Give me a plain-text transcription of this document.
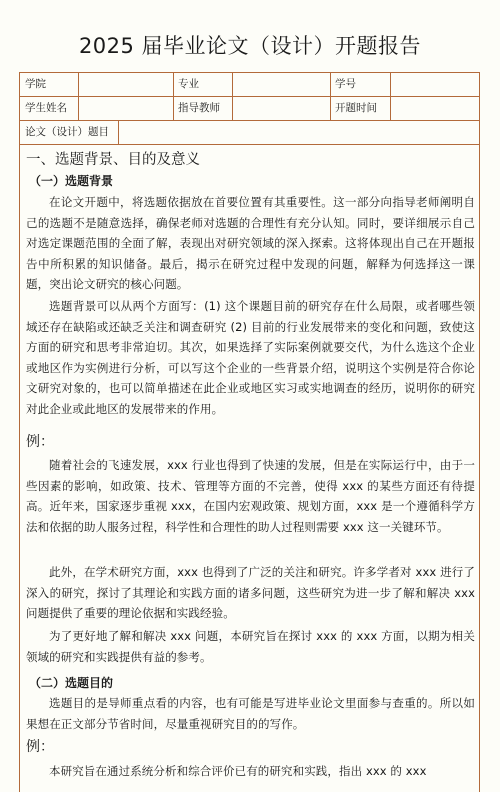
2025 届毕业论文（设计）开题报告
学院	专业	学号
学生姓名	指导教师	开题时间
论文（设计）题目
一、选题背景、目的及意义
（一）选题背景
在论文开题中，将选题依据放在首要位置有其重要性。这一部分向指导老师阐明自己的选题不是随意选择，确保老师对选题的合理性有充分认知。同时，要详细展示自己对选定课题范围的全面了解，表现出对研究领域的深入探索。这将体现出自己在开题报告中所积累的知识储备。最后，揭示在研究过程中发现的问题，解释为何选择这一课题，突出论文研究的核心问题。
选题背景可以从两个方面写：(1) 这个课题目前的研究存在什么局限，或者哪些领域还存在缺陷或还缺乏关注和调查研究 (2) 目前的行业发展带来的变化和问题，致使这方面的研究和思考非常迫切。其次，如果选择了实际案例就要交代，为什么选这个企业或地区作为实例进行分析，可以写这个企业的一些背景介绍，说明这个实例是符合你论文研究对象的，也可以简单描述在此企业或地区实习或实地调查的经历，说明你的研究对此企业或此地区的发展带来的作用。
例：
随着社会的飞速发展，xxx 行业也得到了快速的发展，但是在实际运行中，由于一些因素的影响，如政策、技术、管理等方面的不完善，使得 xxx 的某些方面还有待提高。近年来，国家逐步重视 xxx，在国内宏观政策、规划方面，xxx 是一个遵循科学方法和依据的助人服务过程，科学性和合理性的助人过程则需要 xxx 这一关键环节。
此外，在学术研究方面，xxx 也得到了广泛的关注和研究。许多学者对 xxx 进行了深入的研究，探讨了其理论和实践方面的诸多问题，这些研究为进一步了解和解决 xxx 问题提供了重要的理论依据和实践经验。
为了更好地了解和解决 xxx 问题，本研究旨在探讨 xxx 的 xxx 方面，以期为相关领域的研究和实践提供有益的参考。
（二）选题目的
选题目的是导师重点看的内容，也有可能是写进毕业论文里面参与查重的。所以如果想在正文部分节省时间，尽量重视研究目的的写作。
例：
本研究旨在通过系统分析和综合评价已有的研究和实践，指出 xxx 的 xxx
